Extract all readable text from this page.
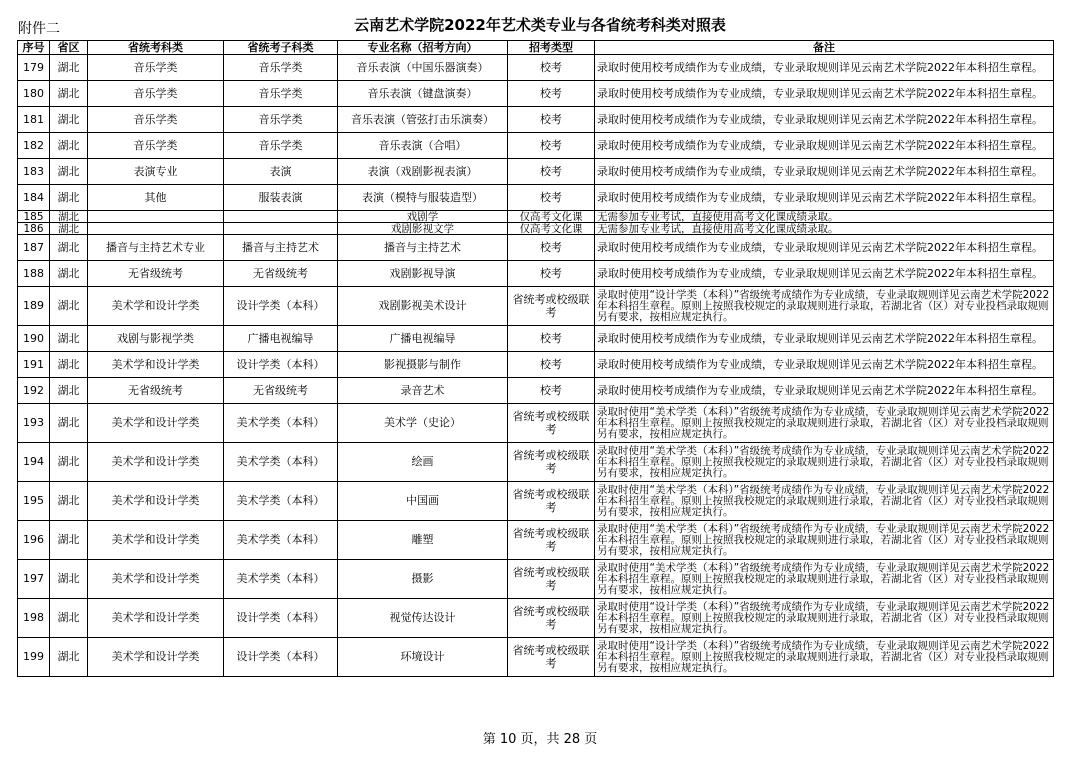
附件二	云南艺术学院2022年艺术类专业与各省统考科类对照表
序号	省区	省统考科类	省统考子科类	专业名称（招考方向）	招考类型	备注
179	湖北	音乐学类	音乐学类	音乐表演（中国乐器演奏）	校考	录取时使用校考成绩作为专业成绩，专业录取规则详见云南艺术学院2022年本科招生章程。
180	湖北	音乐学类	音乐学类	音乐表演（键盘演奏）	校考	录取时使用校考成绩作为专业成绩，专业录取规则详见云南艺术学院2022年本科招生章程。
181	湖北	音乐学类	音乐学类	音乐表演（管弦打击乐演奏）	校考	录取时使用校考成绩作为专业成绩，专业录取规则详见云南艺术学院2022年本科招生章程。
182	湖北	音乐学类	音乐学类	音乐表演（合唱）	校考	录取时使用校考成绩作为专业成绩，专业录取规则详见云南艺术学院2022年本科招生章程。
183	湖北	表演专业	表演	表演（戏剧影视表演）	校考	录取时使用校考成绩作为专业成绩，专业录取规则详见云南艺术学院2022年本科招生章程。
184	湖北	其他	服装表演	表演（模特与服装造型）	校考	录取时使用校考成绩作为专业成绩，专业录取规则详见云南艺术学院2022年本科招生章程。
185	湖北			戏剧学	仅高考文化课	无需参加专业考试，直接使用高考文化课成绩录取。
186	湖北			戏剧影视文学	仅高考文化课	无需参加专业考试，直接使用高考文化课成绩录取。
187	湖北	播音与主持艺术专业	播音与主持艺术	播音与主持艺术	校考	录取时使用校考成绩作为专业成绩，专业录取规则详见云南艺术学院2022年本科招生章程。
188	湖北	无省级统考	无省级统考	戏剧影视导演	校考	录取时使用校考成绩作为专业成绩，专业录取规则详见云南艺术学院2022年本科招生章程。
189	湖北	美术学和设计学类	设计学类（本科）	戏剧影视美术设计	省统考或校级联考	录取时使用“设计学类（本科）”省级统考成绩作为专业成绩，专业录取规则详见云南艺术学院2022年本科招生章程。原则上按照我校规定的录取规则进行录取，若湖北省（区）对专业投档录取规则另有要求，按相应规定执行。
190	湖北	戏剧与影视学类	广播电视编导	广播电视编导	校考	录取时使用校考成绩作为专业成绩，专业录取规则详见云南艺术学院2022年本科招生章程。
191	湖北	美术学和设计学类	设计学类（本科）	影视摄影与制作	校考	录取时使用校考成绩作为专业成绩，专业录取规则详见云南艺术学院2022年本科招生章程。
192	湖北	无省级统考	无省级统考	录音艺术	校考	录取时使用校考成绩作为专业成绩，专业录取规则详见云南艺术学院2022年本科招生章程。
193	湖北	美术学和设计学类	美术学类（本科）	美术学（史论）	省统考或校级联考	录取时使用“美术学类（本科）”省级统考成绩作为专业成绩，专业录取规则详见云南艺术学院2022年本科招生章程。原则上按照我校规定的录取规则进行录取，若湖北省（区）对专业投档录取规则另有要求，按相应规定执行。
194	湖北	美术学和设计学类	美术学类（本科）	绘画	省统考或校级联考	录取时使用“美术学类（本科）”省级统考成绩作为专业成绩，专业录取规则详见云南艺术学院2022年本科招生章程。原则上按照我校规定的录取规则进行录取，若湖北省（区）对专业投档录取规则另有要求，按相应规定执行。
195	湖北	美术学和设计学类	美术学类（本科）	中国画	省统考或校级联考	录取时使用“美术学类（本科）”省级统考成绩作为专业成绩，专业录取规则详见云南艺术学院2022年本科招生章程。原则上按照我校规定的录取规则进行录取，若湖北省（区）对专业投档录取规则另有要求，按相应规定执行。
196	湖北	美术学和设计学类	美术学类（本科）	雕塑	省统考或校级联考	录取时使用“美术学类（本科）”省级统考成绩作为专业成绩，专业录取规则详见云南艺术学院2022年本科招生章程。原则上按照我校规定的录取规则进行录取，若湖北省（区）对专业投档录取规则另有要求，按相应规定执行。
197	湖北	美术学和设计学类	美术学类（本科）	摄影	省统考或校级联考	录取时使用“美术学类（本科）”省级统考成绩作为专业成绩，专业录取规则详见云南艺术学院2022年本科招生章程。原则上按照我校规定的录取规则进行录取，若湖北省（区）对专业投档录取规则另有要求，按相应规定执行。
198	湖北	美术学和设计学类	设计学类（本科）	视觉传达设计	省统考或校级联考	录取时使用“设计学类（本科）”省级统考成绩作为专业成绩，专业录取规则详见云南艺术学院2022年本科招生章程。原则上按照我校规定的录取规则进行录取，若湖北省（区）对专业投档录取规则另有要求，按相应规定执行。
199	湖北	美术学和设计学类	设计学类（本科）	环境设计	省统考或校级联考	录取时使用“设计学类（本科）”省级统考成绩作为专业成绩，专业录取规则详见云南艺术学院2022年本科招生章程。原则上按照我校规定的录取规则进行录取，若湖北省（区）对专业投档录取规则另有要求，按相应规定执行。
第 10 页，共 28 页
